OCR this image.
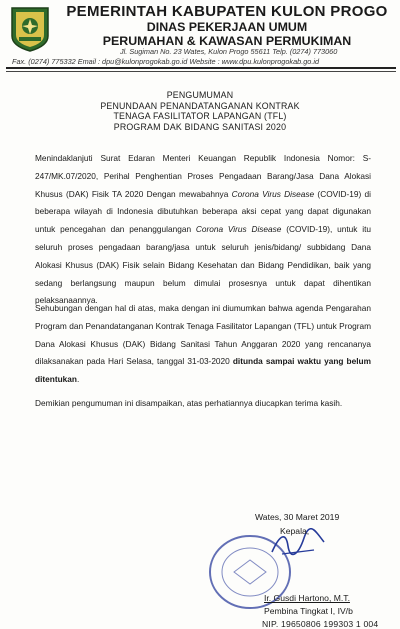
PEMERINTAH KABUPATEN KULON PROGO
DINAS PEKERJAAN UMUM
PERUMAHAN & KAWASAN PERMUKIMAN
Jl. Sugiman No. 23 Wates, Kulon Progo 55611 Telp. (0274) 773060
Fax. (0274) 775332 Email : dpu@kulonprogokab.go.id Website : www.dpu.kulonprogokab.go.id
PENGUMUMAN
PENUNDAAN PENANDATANGANAN KONTRAK
TENAGA FASILITATOR LAPANGAN (TFL)
PROGRAM DAK BIDANG SANITASI 2020
Menindaklanjuti Surat Edaran Menteri Keuangan Republik Indonesia Nomor: S-247/MK.07/2020, Perihal Penghentian Proses Pengadaan Barang/Jasa Dana Alokasi Khusus (DAK) Fisik TA 2020 Dengan mewabahnya Corona Virus Disease (COVID-19) di beberapa wilayah di Indonesia dibutuhkan beberapa aksi cepat yang dapat digunakan untuk pencegahan dan penanggulangan Corona Virus Disease (COVID-19), untuk itu seluruh proses pengadaan barang/jasa untuk seluruh jenis/bidang/ subbidang Dana Alokasi Khusus (DAK) Fisik selain Bidang Kesehatan dan Bidang Pendidikan, baik yang sedang berlangsung maupun belum dimulai prosesnya untuk dapat dihentikan pelaksanaannya.
Sehubungan dengan hal di atas, maka dengan ini diumumkan bahwa agenda Pengarahan Program dan Penandatanganan Kontrak Tenaga Fasilitator Lapangan (TFL) untuk Program Dana Alokasi Khusus (DAK) Bidang Sanitasi Tahun Anggaran 2020 yang rencananya dilaksanakan pada Hari Selasa, tanggal 31-03-2020 ditunda sampai waktu yang belum ditentukan.
Demikian pengumuman ini disampaikan, atas perhatiannya diucapkan terima kasih.
Wates, 30 Maret 2019
Kepala,
Ir. Gusdi Hartono, M.T.
Pembina Tingkat I, IV/b
NIP. 19650806 199303 1 004
